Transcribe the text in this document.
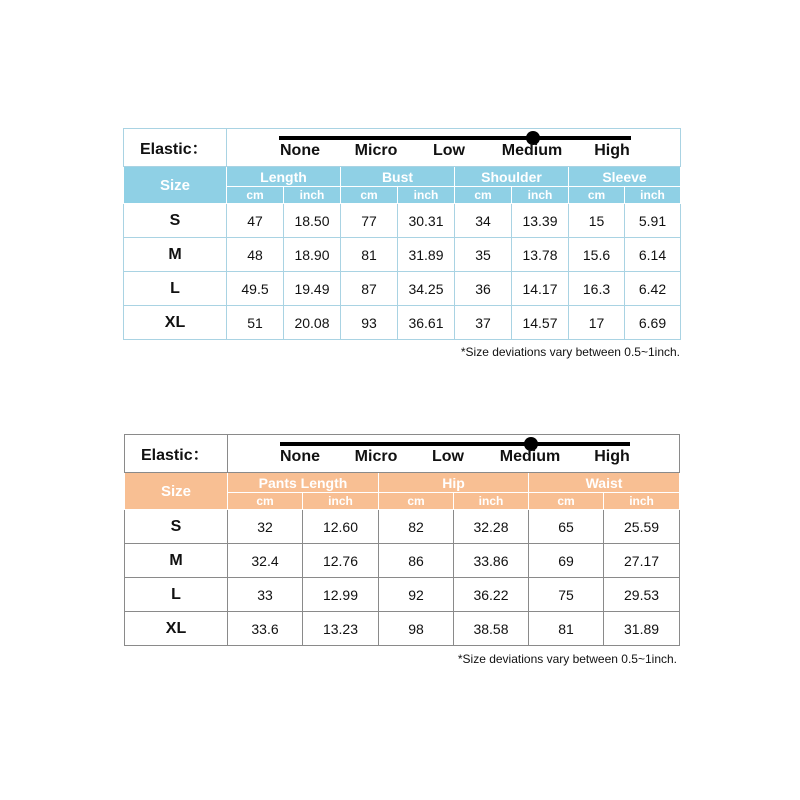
Elastic：	None Micro Low Medium High							

Size	Length		Bust		Shoulder		Sleeve	
	cm	inch	cm	inch	cm	inch	cm	inch
S	47	18.50	77	30.31	34	13.39	15	5.91
M	48	18.90	81	31.89	35	13.78	15.6	6.14
L	49.5	19.49	87	34.25	36	14.17	16.3	6.42
XL	51	20.08	93	36.61	37	14.57	17	6.69
*Size deviations vary between 0.5~1inch.
Elastic：	None Micro Low Medium High					

Size	Pants Length		Hip		Waist	
	cm	inch	cm	inch	cm	inch
S	32	12.60	82	32.28	65	25.59
M	32.4	12.76	86	33.86	69	27.17
L	33	12.99	92	36.22	75	29.53
XL	33.6	13.23	98	38.58	81	31.89
*Size deviations vary between 0.5~1inch.
